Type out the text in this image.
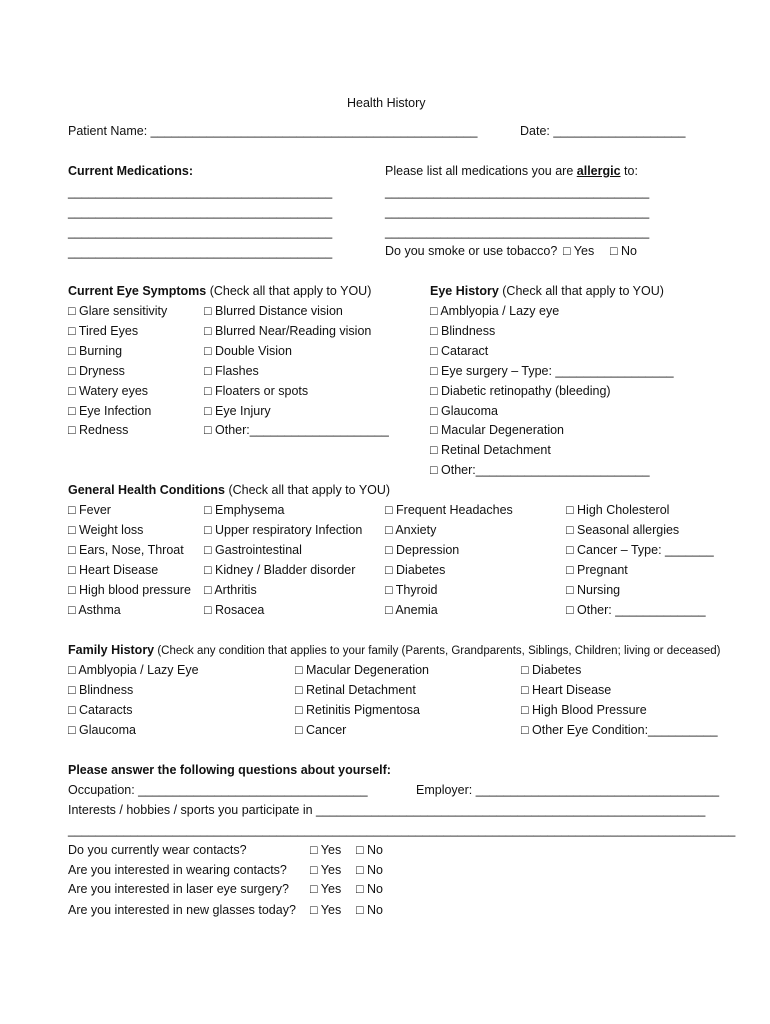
Health History
Patient Name: _______________________________________________	Date: ___________________
Current Medications:
______________________________________
______________________________________
______________________________________
______________________________________
Please list all medications you are allergic to:
______________________________________
______________________________________
______________________________________
Do you smoke or use tobacco? □ Yes □ No
Current Eye Symptoms (Check all that apply to YOU)
□ Glare sensitivity
□ Tired Eyes
□ Burning
□ Dryness
□ Watery eyes
□ Eye Infection
□ Redness
□ Blurred Distance vision
□ Blurred Near/Reading vision
□ Double Vision
□ Flashes
□ Floaters or spots
□ Eye Injury
□ Other:____________________
Eye History (Check all that apply to YOU)
□ Amblyopia / Lazy eye
□ Blindness
□ Cataract
□ Eye surgery – Type: _________________
□ Diabetic retinopathy (bleeding)
□ Glaucoma
□ Macular Degeneration
□ Retinal Detachment
□ Other:_________________________
General Health Conditions (Check all that apply to YOU)
□ Fever
□ Weight loss
□ Ears, Nose, Throat
□ Heart Disease
□ High blood pressure
□ Asthma
□ Emphysema
□ Upper respiratory Infection
□ Gastrointestinal
□ Kidney / Bladder disorder
□ Arthritis
□ Rosacea
□ Frequent Headaches
□ Anxiety
□ Depression
□ Diabetes
□ Thyroid
□ Anemia
□ High Cholesterol
□ Seasonal allergies
□ Cancer – Type: _______
□ Pregnant
□ Nursing
□ Other: _____________
Family History (Check any condition that applies to your family (Parents, Grandparents, Siblings, Children; living or deceased)
□ Amblyopia / Lazy Eye
□ Blindness
□ Cataracts
□ Glaucoma
□ Macular Degeneration
□ Retinal Detachment
□ Retinitis Pigmentosa
□ Cancer
□ Diabetes
□ Heart Disease
□ High Blood Pressure
□ Other Eye Condition:__________
Please answer the following questions about yourself:
Occupation: _________________________________	Employer: ___________________________________
Interests / hobbies / sports you participate in ________________________________________________________
________________________________________________________________________________________________
Do you currently wear contacts?	□ Yes □ No
Are you interested in wearing contacts? □ Yes □ No
Are you interested in laser eye surgery? □ Yes □ No
Are you interested in new glasses today? □ Yes □ No
